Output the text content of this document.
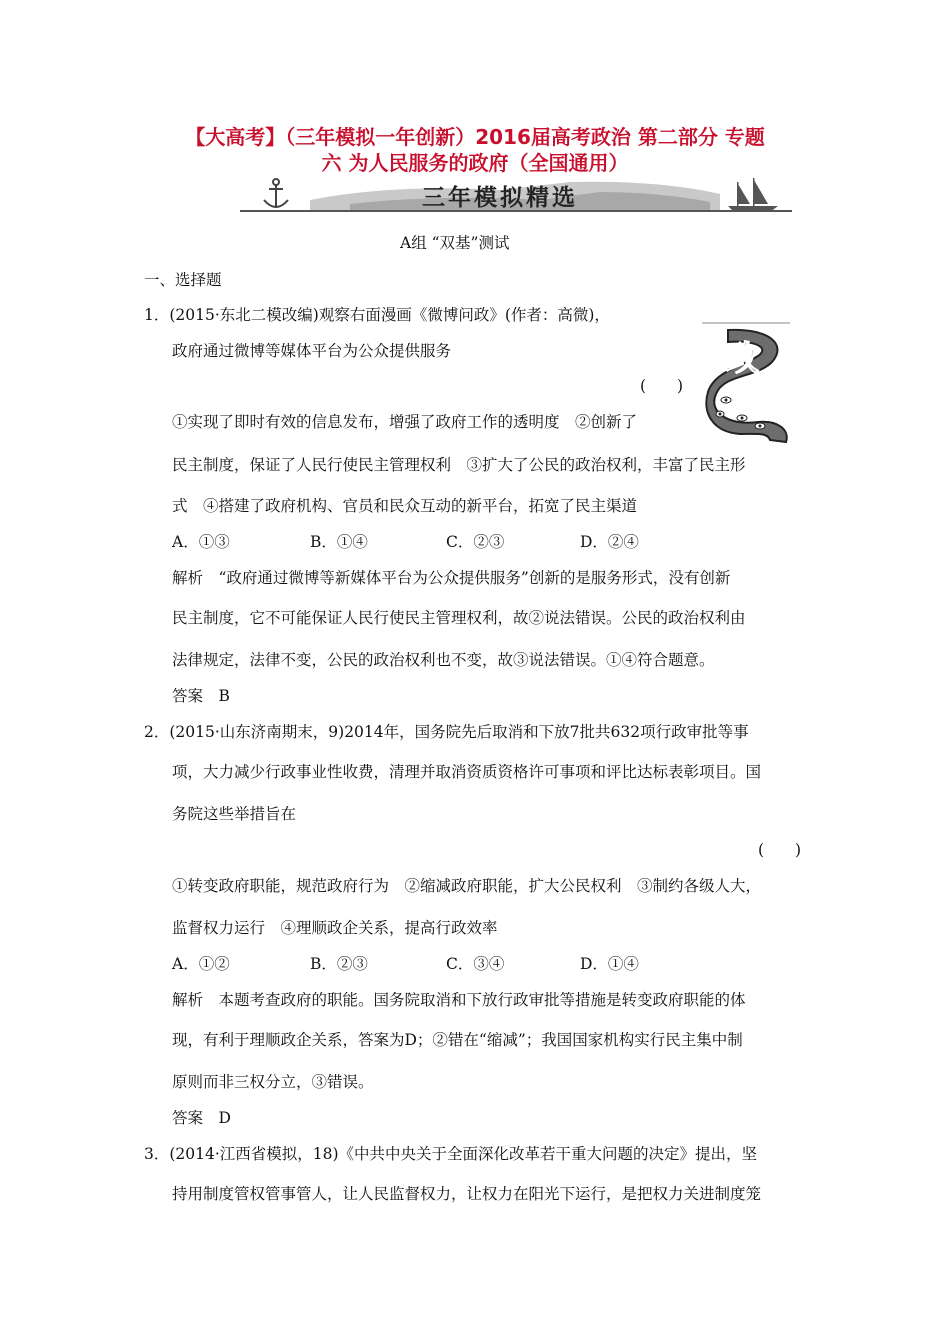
【大高考】（三年模拟一年创新）2016届高考政治 第二部分 专题
六 为人民服务的政府（全国通用）
三年模拟精选
A组 “双基”测试
一、选择题
1．(2015·东北二模改编)观察右面漫画《微博问政》(作者：高微)，
政府通过微博等媒体平台为公众提供服务
(　　)
①实现了即时有效的信息发布，增强了政府工作的透明度　②创新了
民主制度，保证了人民行使民主管理权利　③扩大了公民的政治权利，丰富了民主形
式　④搭建了政府机构、官员和民众互动的新平台，拓宽了民主渠道
A．①③	B．①④	C．②③	D．②④
解析　“政府通过微博等新媒体平台为公众提供服务”创新的是服务形式，没有创新
民主制度，它不可能保证人民行使民主管理权利，故②说法错误。公民的政治权利由
法律规定，法律不变，公民的政治权利也不变，故③说法错误。①④符合题意。
答案　B
政
2．(2015·山东济南期末，9)2014年，国务院先后取消和下放7批共632项行政审批等事
项，大力减少行政事业性收费，清理并取消资质资格许可事项和评比达标表彰项目。国
务院这些举措旨在
(　　)
①转变政府职能，规范政府行为　②缩减政府职能，扩大公民权利　③制约各级人大，
监督权力运行　④理顺政企关系，提高行政效率
A．①②	B．②③	C．③④	D．①④
解析　本题考查政府的职能。国务院取消和下放行政审批等措施是转变政府职能的体
现，有利于理顺政企关系，答案为D；②错在“缩减”；我国国家机构实行民主集中制
原则而非三权分立，③错误。
答案　D
3．(2014·江西省模拟，18)《中共中央关于全面深化改革若干重大问题的决定》提出，坚
持用制度管权管事管人，让人民监督权力，让权力在阳光下运行，是把权力关进制度笼
